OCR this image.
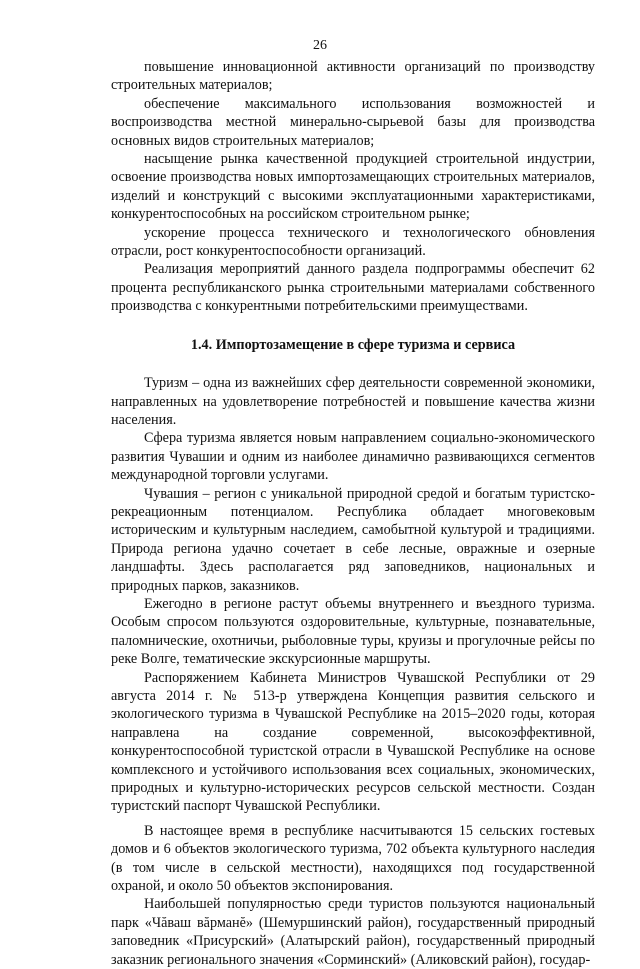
26

повышение инновационной активности организаций по производству строительных материалов;

обеспечение максимального использования возможностей и воспроизводства местной минерально-сырьевой базы для производства основных видов строительных материалов;

насыщение рынка качественной продукцией строительной индустрии, освоение производства новых импортозамещающих строительных материалов, изделий и конструкций с высокими эксплуатационными характеристиками, конкурентоспособных на российском строительном рынке;

ускорение процесса технического и технологического обновления отрасли, рост конкурентоспособности организаций.

Реализация мероприятий данного раздела подпрограммы обеспечит 62 процента республиканского рынка строительными материалами собственного производства с конкурентными потребительскими преимуществами.

1.4. Импортозамещение в сфере туризма и сервиса

Туризм – одна из важнейших сфер деятельности современной экономики, направленных на удовлетворение потребностей и повышение качества жизни населения.

Сфера туризма является новым направлением социально-экономического развития Чувашии и одним из наиболее динамично развивающихся сегментов международной торговли услугами.

Чувашия – регион с уникальной природной средой и богатым туристско-рекреационным потенциалом. Республика обладает многовековым историческим и культурным наследием, самобытной культурой и традициями. Природа региона удачно сочетает в себе лесные, овражные и озерные ландшафты. Здесь располагается ряд заповедников, национальных и природных парков, заказников.

Ежегодно в регионе растут объемы внутреннего и въездного туризма. Особым спросом пользуются оздоровительные, культурные, познавательные, паломнические, охотничьи, рыболовные туры, круизы и прогулочные рейсы по реке Волге, тематические экскурсионные маршруты.

Распоряжением Кабинета Министров Чувашской Республики от 29 августа 2014 г. № 513-р утверждена Концепция развития сельского и экологического туризма в Чувашской Республике на 2015–2020 годы, которая направлена на создание современной, высокоэффективной, конкурентоспособной туристской отрасли в Чувашской Республике на основе комплексного и устойчивого использования всех социальных, экономических, природных и культурно-исторических ресурсов сельской местности. Создан туристский паспорт Чувашской Республики.

В настоящее время в республике насчитываются 15 сельских гостевых домов и 6 объектов экологического туризма, 702 объекта культурного наследия (в том числе в сельской местности), находящихся под государственной охраной, и около 50 объектов экспонирования.

Наибольшей популярностью среди туристов пользуются национальный парк «Чăваш вăрманĕ» (Шемуршинский район), государственный природный заповедник «Присурский» (Алатырский район), государственный природный заказник регионального значения «Сорминский» (Аликовский район), государ-
